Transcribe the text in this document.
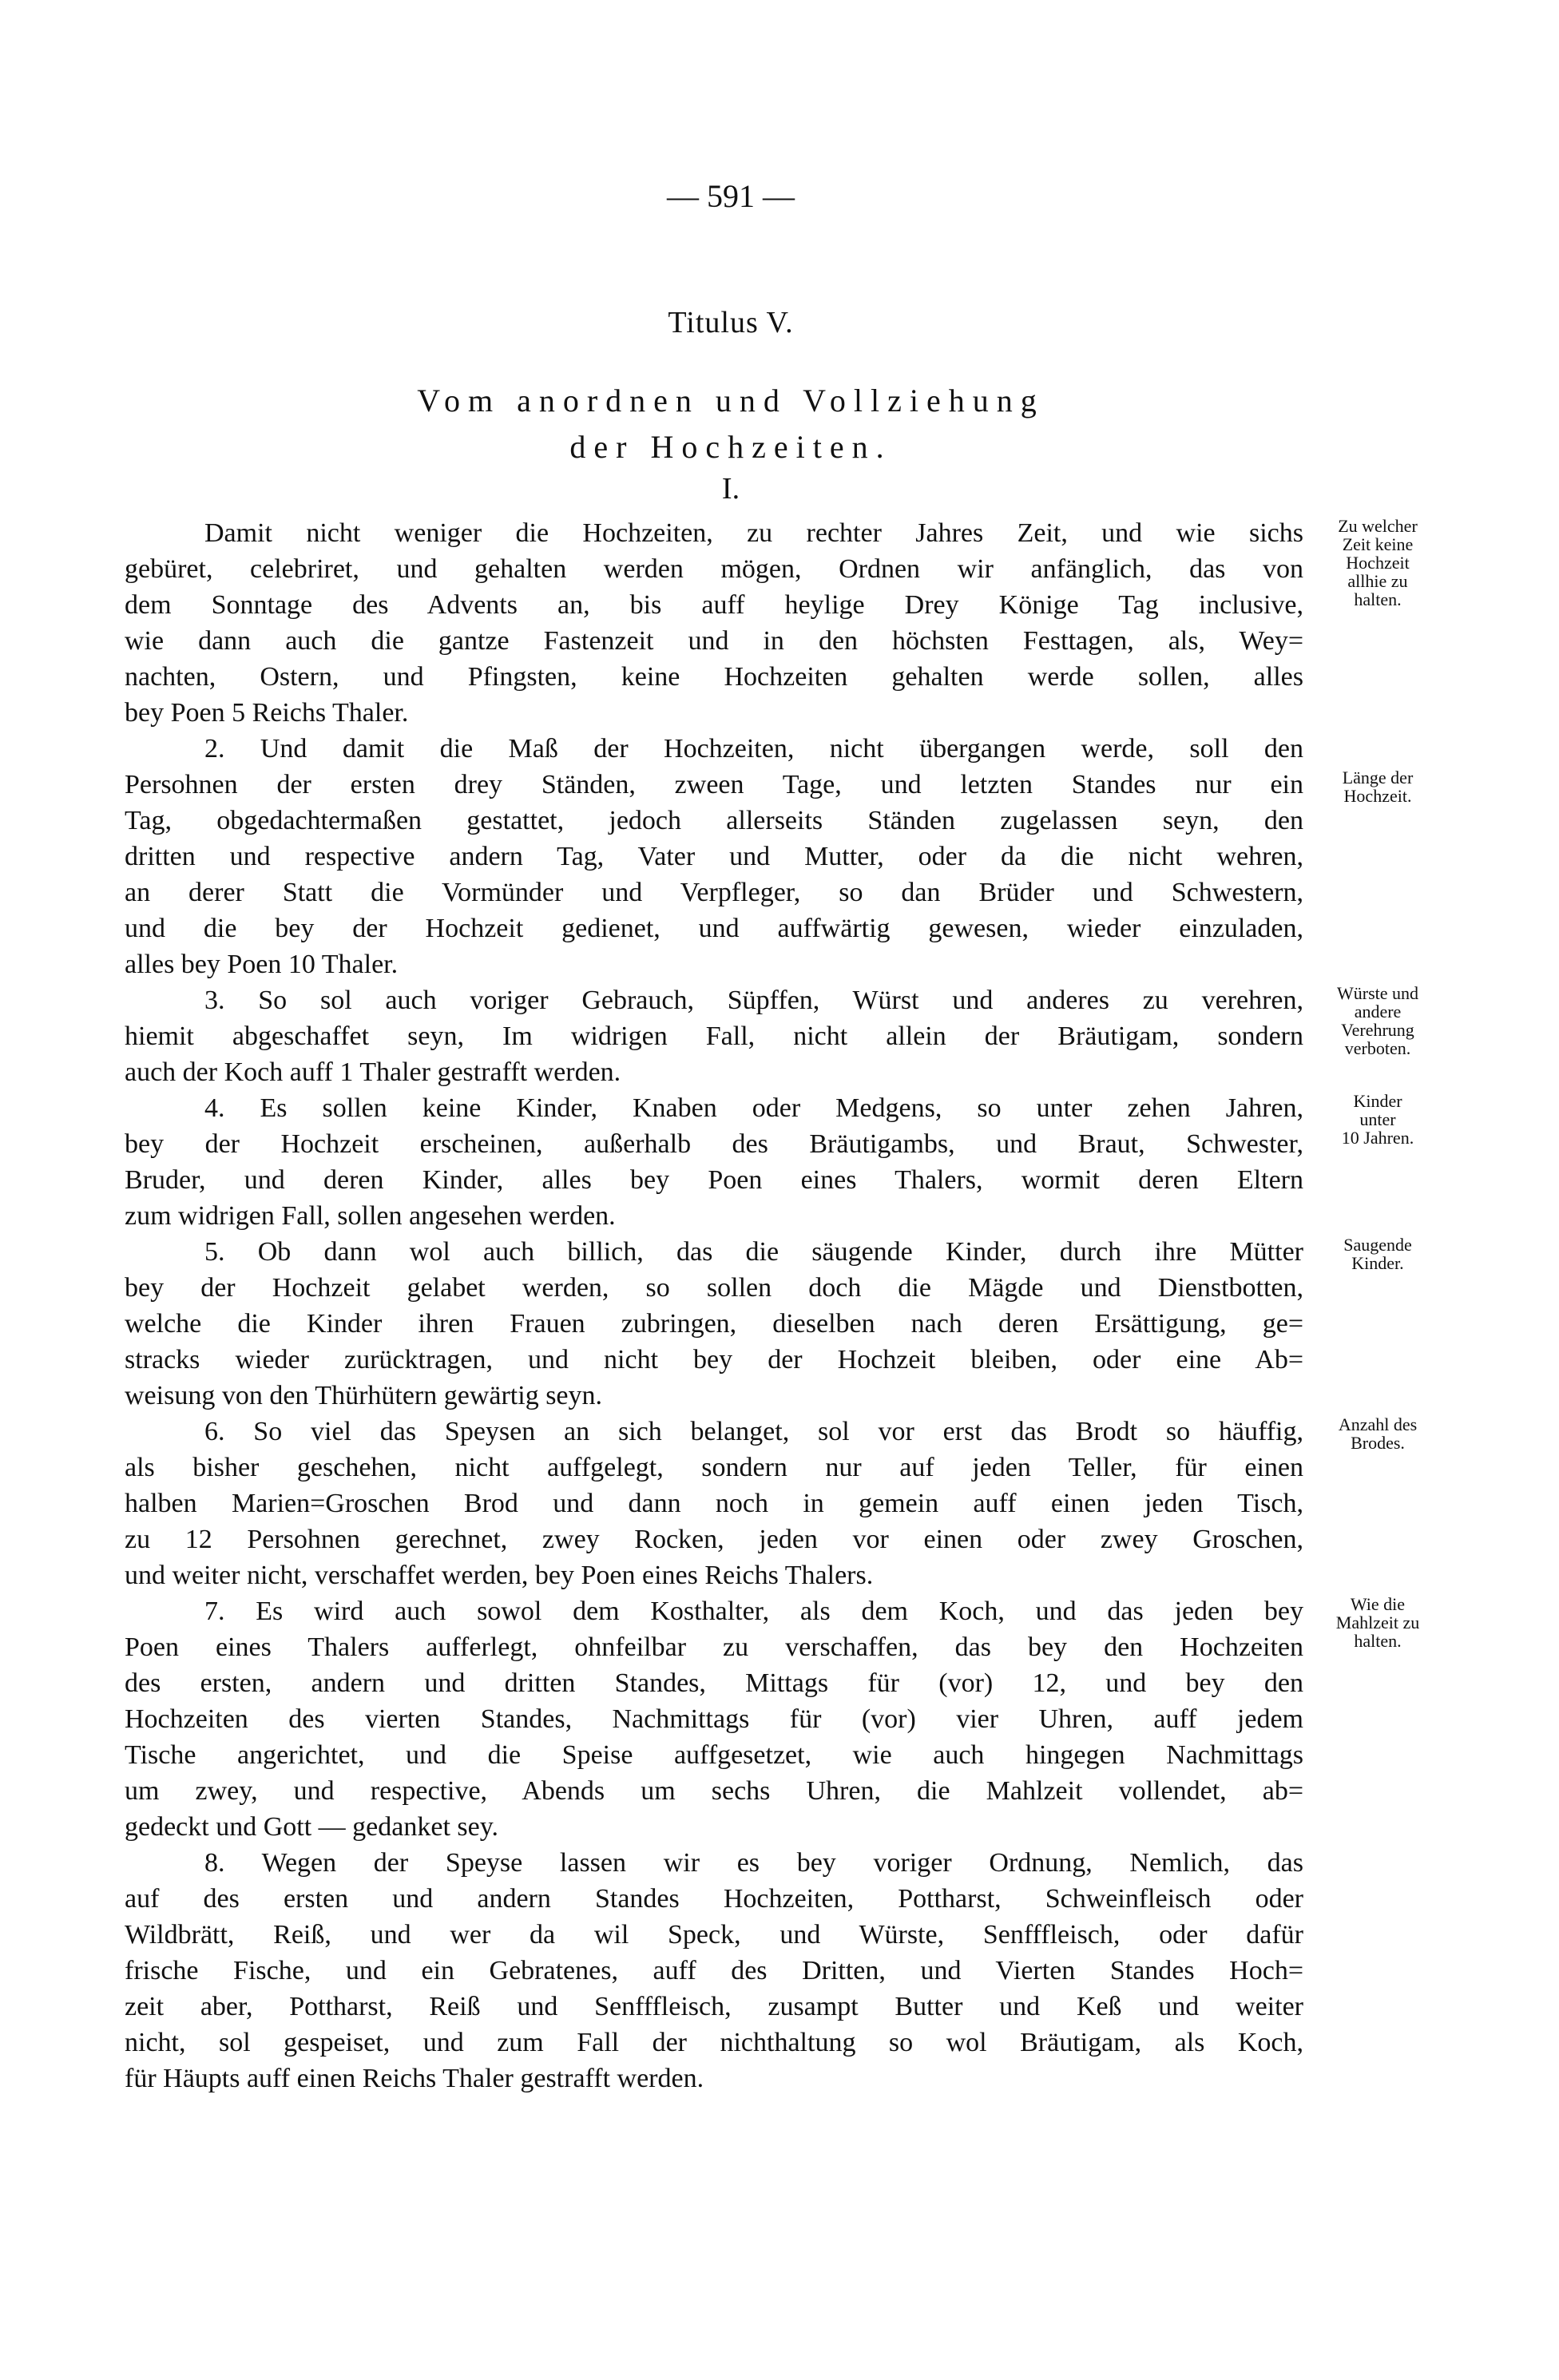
— 591 —
Titulus V.
Vom anordnen und Vollziehung
der Hochzeiten.
I.
Damit nicht weniger die Hochzeiten, zu rechter Jahres Zeit, und wie sichs
gebüret, celebriret, und gehalten werden mögen, Ordnen wir anfänglich, das von
dem Sonntage des Advents an, bis auff heylige Drey Könige Tag inclusive,
wie dann auch die gantze Fastenzeit und in den höchsten Festtagen, als, Wey=
nachten, Ostern, und Pfingsten, keine Hochzeiten gehalten werde sollen, alles
bey Poen 5 Reichs Thaler.
Zu welcher
Zeit keine
Hochzeit
allhie zu
halten.
2. Und damit die Maß der Hochzeiten, nicht übergangen werde, soll den
Persohnen der ersten drey Ständen, zween Tage, und letzten Standes nur ein
Tag, obgedachtermaßen gestattet, jedoch allerseits Ständen zugelassen seyn, den
dritten und respective andern Tag, Vater und Mutter, oder da die nicht wehren,
an derer Statt die Vormünder und Verpfleger, so dan Brüder und Schwestern,
und die bey der Hochzeit gedienet, und auffwärtig gewesen, wieder einzuladen,
alles bey Poen 10 Thaler.
Länge der
Hochzeit.
3. So sol auch voriger Gebrauch, Süpffen, Würst und anderes zu verehren,
hiemit abgeschaffet seyn, Im widrigen Fall, nicht allein der Bräutigam, sondern
auch der Koch auff 1 Thaler gestrafft werden.
Würste und
andere
Verehrung
verboten.
4. Es sollen keine Kinder, Knaben oder Medgens, so unter zehen Jahren,
bey der Hochzeit erscheinen, außerhalb des Bräutigambs, und Braut, Schwester,
Bruder, und deren Kinder, alles bey Poen eines Thalers, wormit deren Eltern
zum widrigen Fall, sollen angesehen werden.
Kinder
unter
10 Jahren.
5. Ob dann wol auch billich, das die säugende Kinder, durch ihre Mütter
bey der Hochzeit gelabet werden, so sollen doch die Mägde und Dienstbotten,
welche die Kinder ihren Frauen zubringen, dieselben nach deren Ersättigung, ge=
stracks wieder zurücktragen, und nicht bey der Hochzeit bleiben, oder eine Ab=
weisung von den Thürhütern gewärtig seyn.
Saugende
Kinder.
6. So viel das Speysen an sich belanget, sol vor erst das Brodt so häuffig,
als bisher geschehen, nicht auffgelegt, sondern nur auf jeden Teller, für einen
halben Marien=Groschen Brod und dann noch in gemein auff einen jeden Tisch,
zu 12 Persohnen gerechnet, zwey Rocken, jeden vor einen oder zwey Groschen,
und weiter nicht, verschaffet werden, bey Poen eines Reichs Thalers.
Anzahl des
Brodes.
7. Es wird auch sowol dem Kosthalter, als dem Koch, und das jeden bey
Poen eines Thalers aufferlegt, ohnfeilbar zu verschaffen, das bey den Hochzeiten
des ersten, andern und dritten Standes, Mittags für (vor) 12, und bey den
Hochzeiten des vierten Standes, Nachmittags für (vor) vier Uhren, auff jedem
Tische angerichtet, und die Speise auffgesetzet, wie auch hingegen Nachmittags
um zwey, und respective, Abends um sechs Uhren, die Mahlzeit vollendet, ab=
gedeckt und Gott — gedanket sey.
Wie die
Mahlzeit zu
halten.
8. Wegen der Speyse lassen wir es bey voriger Ordnung, Nemlich, das
auf des ersten und andern Standes Hochzeiten, Pottharst, Schweinfleisch oder
Wildbrätt, Reiß, und wer da wil Speck, und Würste, Senfffleisch, oder dafür
frische Fische, und ein Gebratenes, auff des Dritten, und Vierten Standes Hoch=
zeit aber, Pottharst, Reiß und Senfffleisch, zusampt Butter und Keß und weiter
nicht, sol gespeiset, und zum Fall der nichthaltung so wol Bräutigam, als Koch,
für Häupts auff einen Reichs Thaler gestrafft werden.
